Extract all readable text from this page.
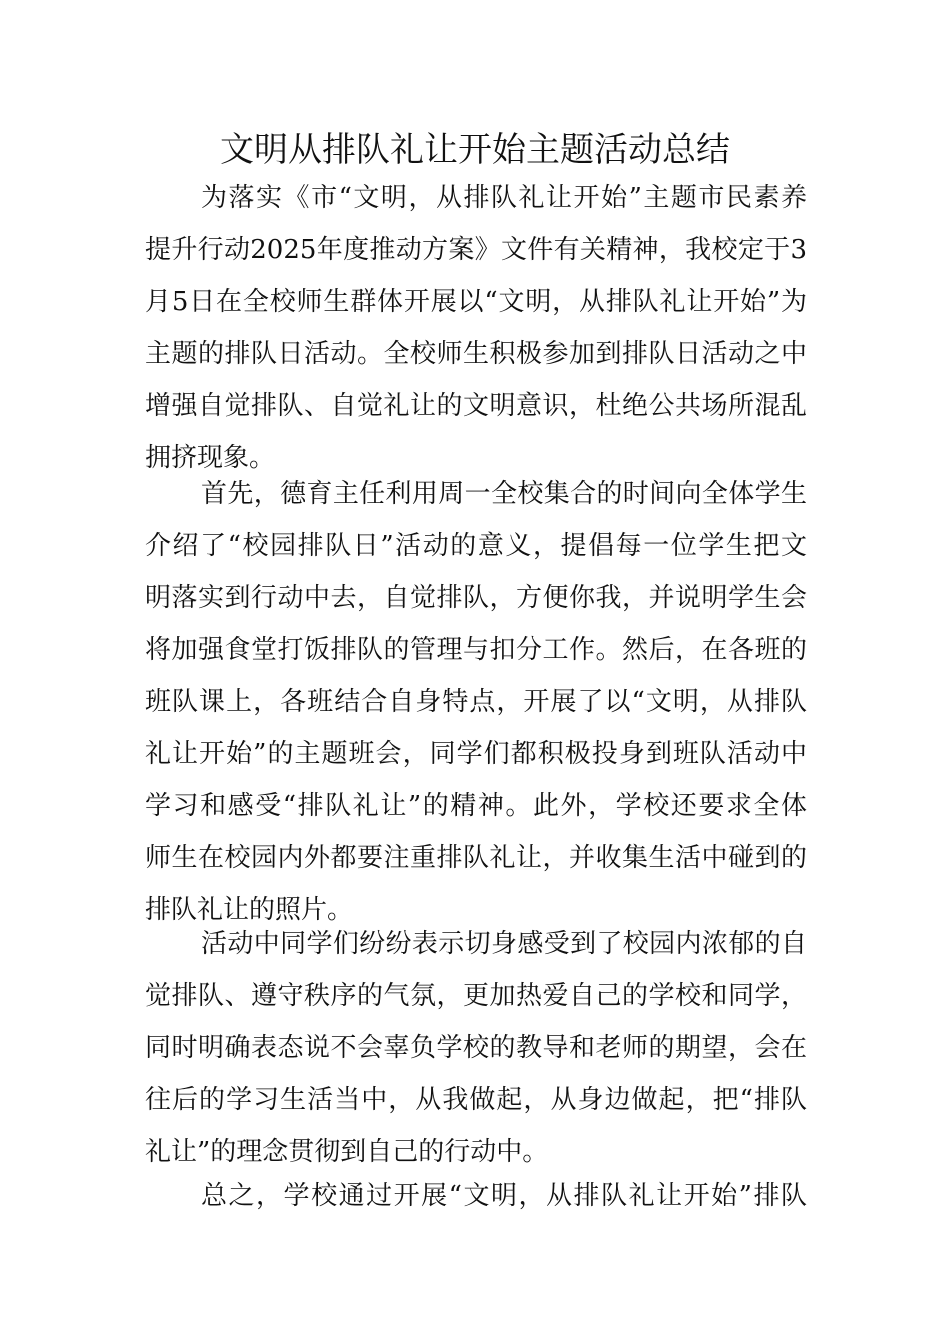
文明从排队礼让开始主题活动总结
为落实《市“文明，从排队礼让开始”主题市民素养
提升行动2025年度推动方案》文件有关精神，我校定于3
月5日在全校师生群体开展以“文明，从排队礼让开始”为
主题的排队日活动。全校师生积极参加到排队日活动之中
增强自觉排队、自觉礼让的文明意识，杜绝公共场所混乱
拥挤现象。
首先，德育主任利用周一全校集合的时间向全体学生
介绍了“校园排队日”活动的意义，提倡每一位学生把文
明落实到行动中去，自觉排队，方便你我，并说明学生会
将加强食堂打饭排队的管理与扣分工作。然后，在各班的
班队课上，各班结合自身特点，开展了以“文明，从排队
礼让开始”的主题班会，同学们都积极投身到班队活动中
学习和感受“排队礼让”的精神。此外，学校还要求全体
师生在校园内外都要注重排队礼让，并收集生活中碰到的
排队礼让的照片。
活动中同学们纷纷表示切身感受到了校园内浓郁的自
觉排队、遵守秩序的气氛，更加热爱自己的学校和同学，
同时明确表态说不会辜负学校的教导和老师的期望，会在
往后的学习生活当中，从我做起，从身边做起，把“排队
礼让”的理念贯彻到自己的行动中。
总之，学校通过开展“文明，从排队礼让开始”排队
